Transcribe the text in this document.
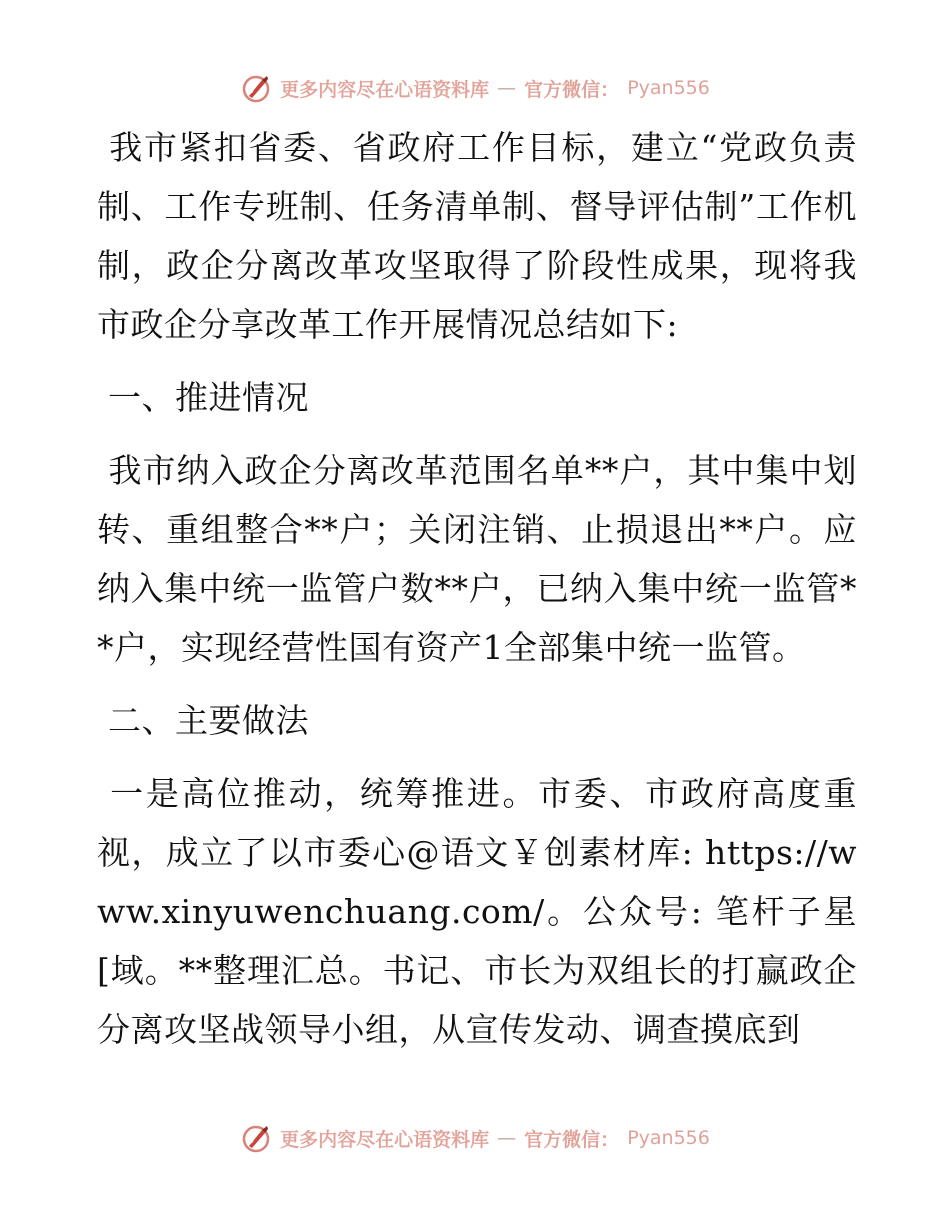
更多内容尽在心语资料库 — 官方微信： Pyan556

我市紧扣省委、省政府工作目标，建立“党政负责制、工作专班制、任务清单制、督导评估制”工作机制，政企分离改革攻坚取得了阶段性成果，现将我市政企分享改革工作开展情况总结如下:

一、推进情况

我市纳入政企分离改革范围名单**户，其中集中划转、重组整合**户；关闭注销、止损退出**户。应纳入集中统一监管户数**户，已纳入集中统一监管**户，实现经营性国有资产1全部集中统一监管。

二、主要做法

一是高位推动，统筹推进。市委、市政府高度重视，成立了以市委心@语文￥创素材库: https://www.xinyuwenchuang.com/。公众号: 笔杆子星[域。**整理汇总。书记、市长为双组长的打赢政企分离攻坚战领导小组，从宣传发动、调查摸底到

更多内容尽在心语资料库 — 官方微信： Pyan556
